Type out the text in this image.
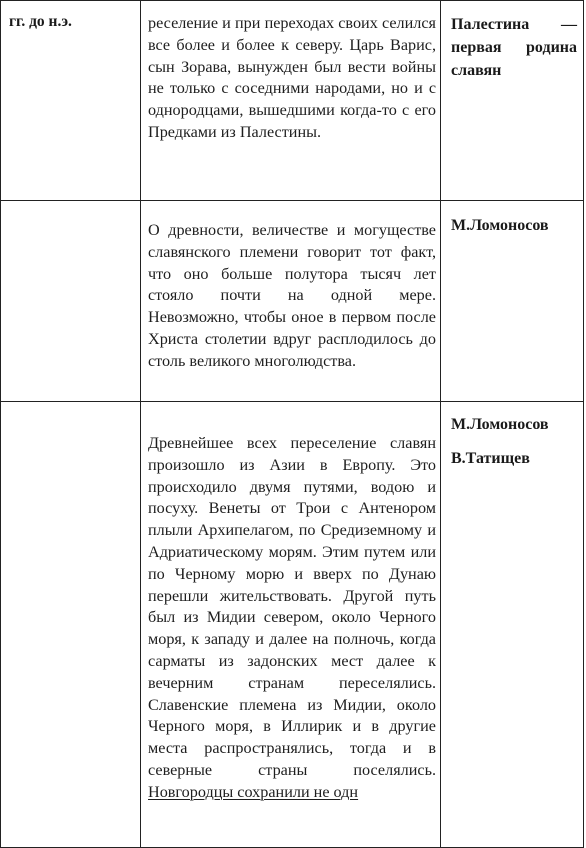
гг. до н.э.	реселение и при переходах своих селился все более и более к северу. Царь Варис, сын Зорава, вынужден был вести войны не только с соседними народами, но и с однородцами, вышедшими когда-то с его Предками из Палестины.	Палестина — первая родина славян

	О древности, величестве и могуществе славянского племени говорит тот факт, что оно больше полутора тысяч лет стояло почти на одной мере. Невозможно, чтобы оное в первом после Христа столетии вдруг расплодилось до столь великого многолюдства.	М.Ломоносов

	Древнейшее всех переселение славян произошло из Азии в Европу. Это происходило двумя путями, водою и посуху. Венеты от Трои с Антенором плыли Архипелагом, по Средиземному и Адриатическому морям. Этим путем или по Черному морю и вверх по Дунаю перешли жительствовать. Другой путь был из Мидии севером, около Черного моря, к западу и далее на полночь, когда сарматы из задонских мест далее к вечерним странам переселялись. Славенские племена из Мидии, около Черного моря, в Иллирик и в другие места распространялись, тогда и в северные страны поселялись. Новгородцы сохранили не одн	М.Ломоносов
В.Татищев
